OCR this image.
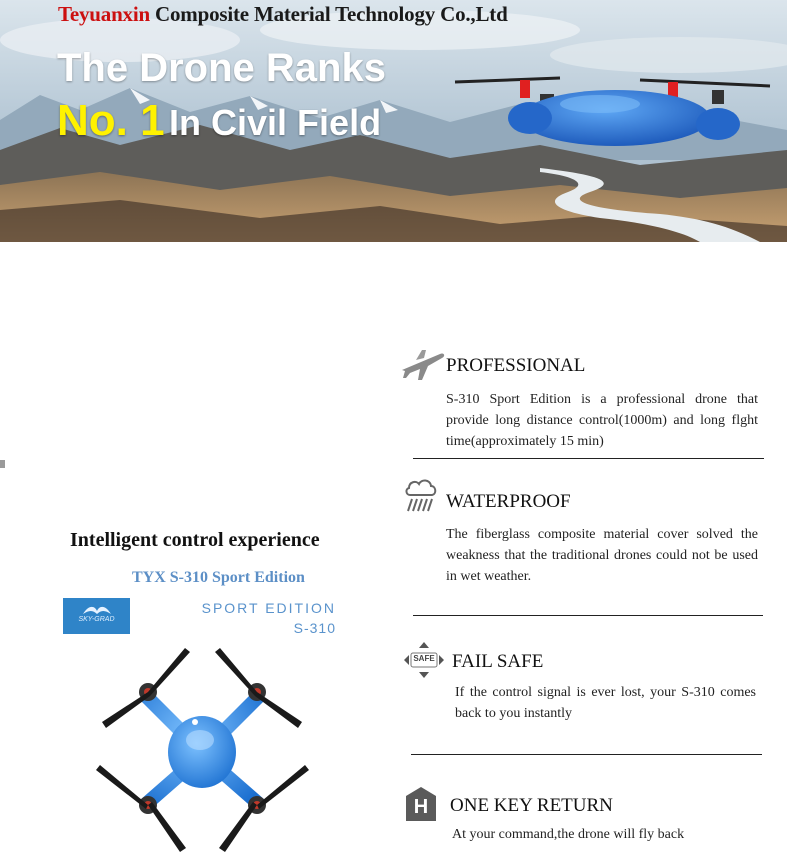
Teyuanxin Composite Material Technology Co.,Ltd
The Drone Ranks
No. 1 In Civil Field
Intelligent control experience
TYX S-310 Sport Edition
SKY-GRAD
SPORT EDITION
S-310
PROFESSIONAL
S-310 Sport Edition is a professional drone that provide long distance control(1000m) and long flght time(approximately 15 min)
WATERPROOF
The fiberglass composite material cover solved the weakness that the traditional drones could not be used in wet weather.
SAFE FAIL SAFE
If the control signal is ever lost, your S-310 comes back to you instantly
H	ONE KEY RETURN
At your command,the drone will fly back
